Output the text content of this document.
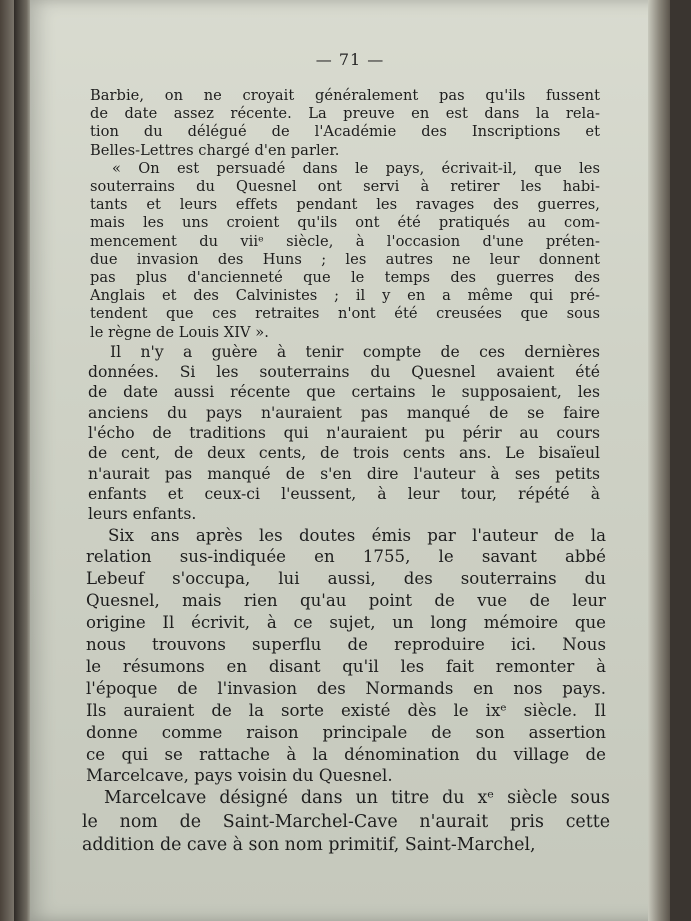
— 71 —
Barbie, on ne croyait généralement pas qu'ils fussent
de date assez récente. La preuve en est dans la rela-
tion du délégué de l'Académie des Inscriptions et
Belles-Lettres chargé d'en parler.
« On est persuadé dans le pays, écrivait-il, que les
souterrains du Quesnel ont servi à retirer les habi-
tants et leurs effets pendant les ravages des guerres,
mais les uns croient qu'ils ont été pratiqués au com-
mencement du viiᵉ siècle, à l'occasion d'une préten-
due invasion des Huns ; les autres ne leur donnent
pas plus d'ancienneté que le temps des guerres des
Anglais et des Calvinistes ; il y en a même qui pré-
tendent que ces retraites n'ont été creusées que sous
le règne de Louis XIV ».
Il n'y a guère à tenir compte de ces dernières
données. Si les souterrains du Quesnel avaient été
de date aussi récente que certains le supposaient, les
anciens du pays n'auraient pas manqué de se faire
l'écho de traditions qui n'auraient pu périr au cours
de cent, de deux cents, de trois cents ans. Le bisaïeul
n'aurait pas manqué de s'en dire l'auteur à ses petits
enfants et ceux-ci l'eussent, à leur tour, répété à
leurs enfants.
Six ans après les doutes émis par l'auteur de la
relation sus-indiquée en 1755, le savant abbé
Lebeuf s'occupa, lui aussi, des souterrains du
Quesnel, mais rien qu'au point de vue de leur
origine Il écrivit, à ce sujet, un long mémoire que
nous trouvons superflu de reproduire ici. Nous
le résumons en disant qu'il les fait remonter à
l'époque de l'invasion des Normands en nos pays.
Ils auraient de la sorte existé dès le ixᵉ siècle. Il
donne comme raison principale de son assertion
ce qui se rattache à la dénomination du village de
Marcelcave, pays voisin du Quesnel.
Marcelcave désigné dans un titre du xᵉ siècle sous
le nom de Saint-Marchel-Cave n'aurait pris cette
addition de cave à son nom primitif, Saint-Marchel,
